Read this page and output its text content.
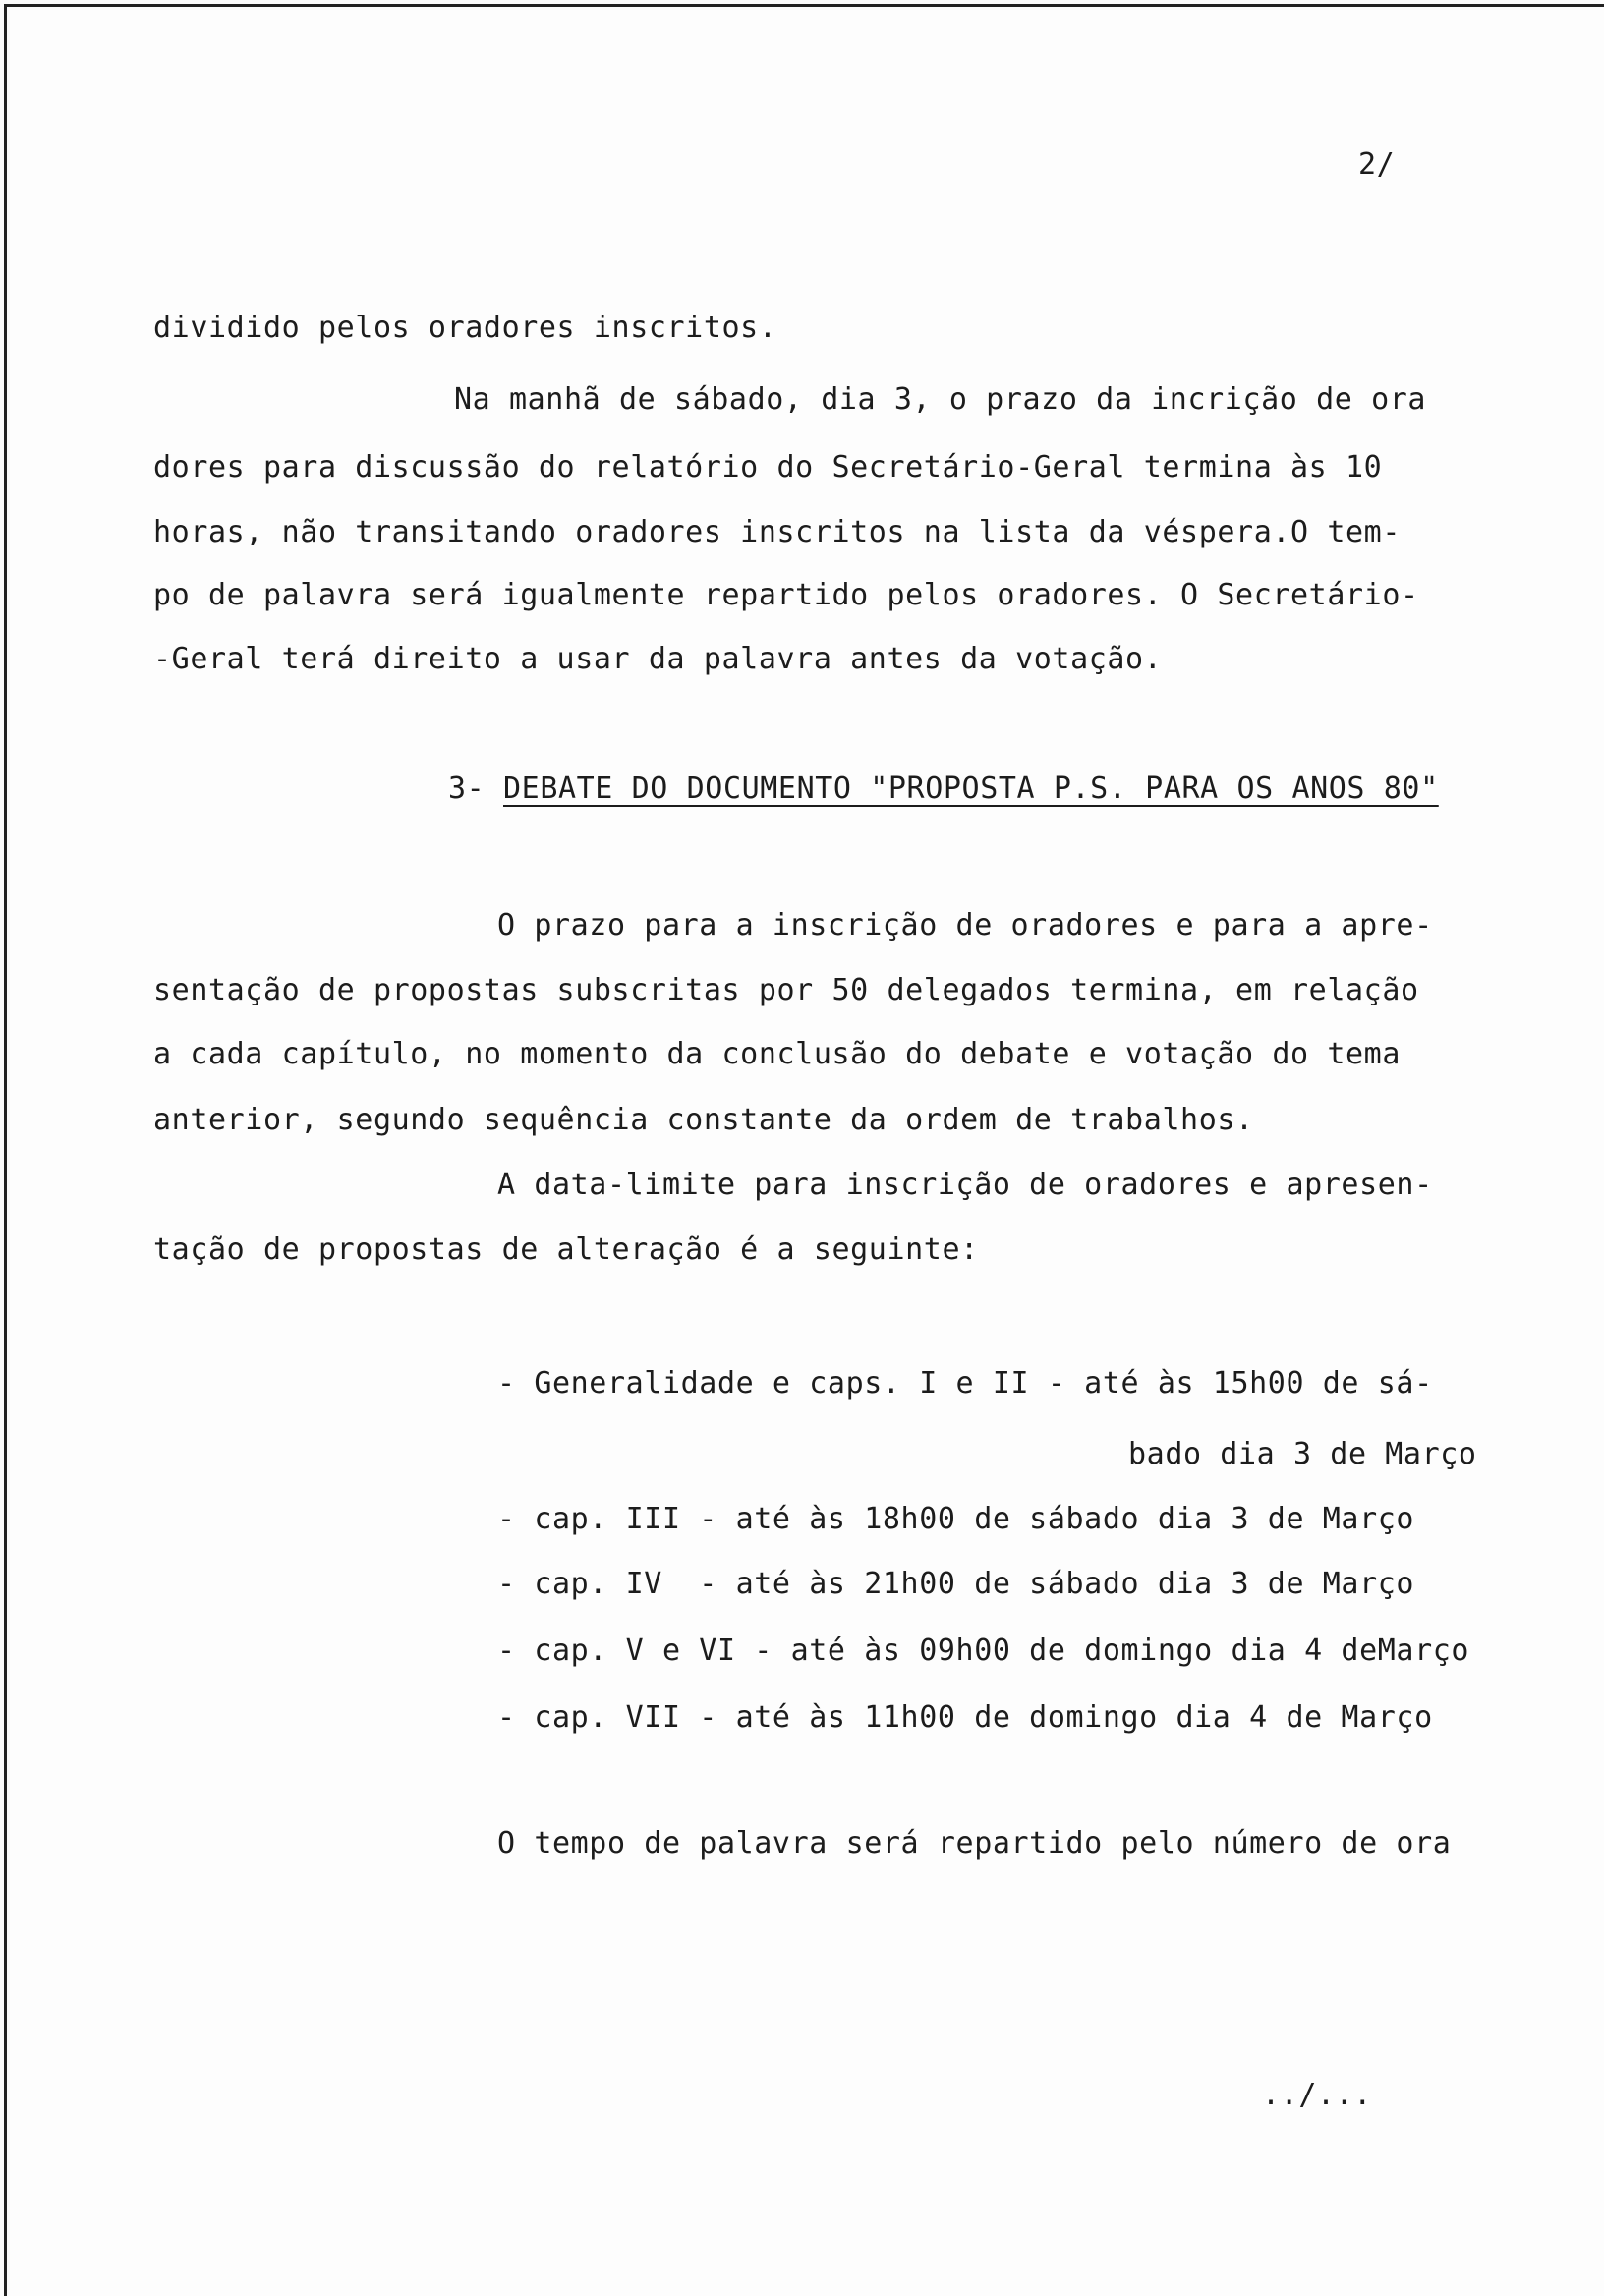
2/
dividido pelos oradores inscritos.
Na manhã de sábado, dia 3, o prazo da incrição de ora
dores para discussão do relatório do Secretário-Geral termina às 10
horas, não transitando oradores inscritos na lista da véspera.O tem-
po de palavra será igualmente repartido pelos oradores. O Secretário-
-Geral terá direito a usar da palavra antes da votação.
3- DEBATE DO DOCUMENTO "PROPOSTA P.S. PARA OS ANOS 80"
O prazo para a inscrição de oradores e para a apre-
sentação de propostas subscritas por 50 delegados termina, em relação
a cada capítulo, no momento da conclusão do debate e votação do tema
anterior, segundo sequência constante da ordem de trabalhos.
A data-limite para inscrição de oradores e apresen-
tação de propostas de alteração é a seguinte:
- Generalidade e caps. I e II - até às 15h00 de sá-
bado dia 3 de Março
- cap. III - até às 18h00 de sábado dia 3 de Março
- cap. IV  - até às 21h00 de sábado dia 3 de Março
- cap. V e VI - até às 09h00 de domingo dia 4 deMarço
- cap. VII - até às 11h00 de domingo dia 4 de Março
O tempo de palavra será repartido pelo número de ora
../...
